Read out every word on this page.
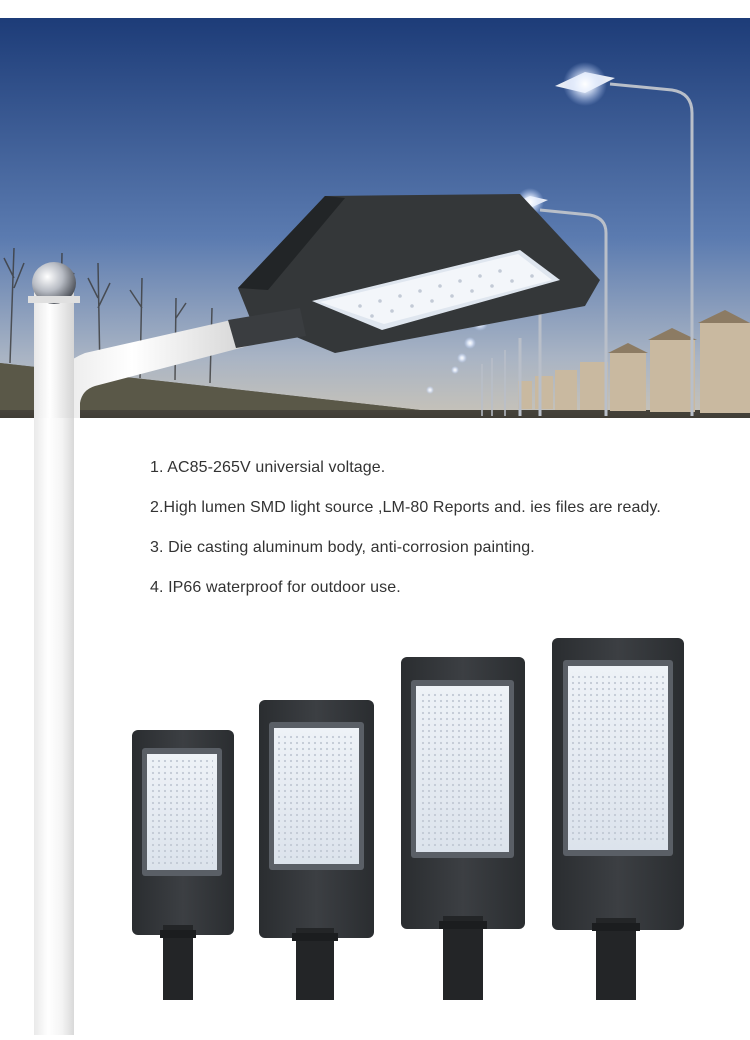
1. AC85-265V universial voltage.
2.High lumen SMD light source ,LM-80 Reports and. ies files are ready.
3. Die casting aluminum body, anti-corrosion painting.
4. IP66 waterproof for outdoor use.
